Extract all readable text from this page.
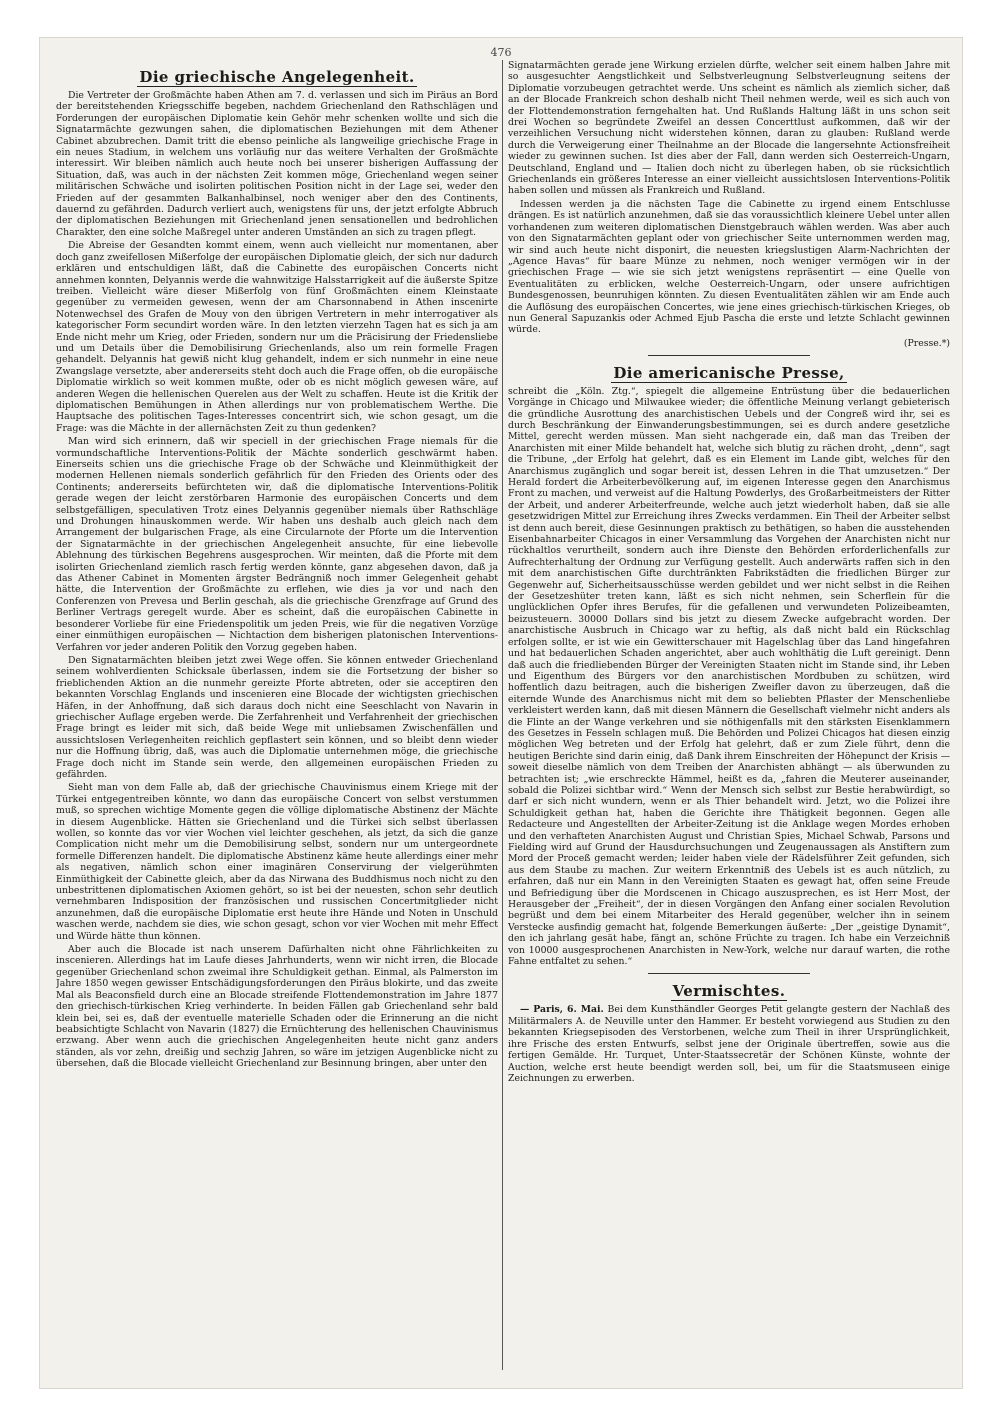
476
Die griechische Angelegenheit.

Die Vertreter der Großmächte haben Athen am 7. d. verlassen und sich im Piräus an Bord der bereitstehenden Kriegsschiffe begeben, nachdem Griechenland den Rathschlägen und Forderungen der europäischen Diplomatie kein Gehör mehr schenken wollte und sich die Signatarmächte gezwungen sahen, die diplomatischen Beziehungen mit dem Athener Cabinet abzubrechen. Damit tritt die ebenso peinliche als langweilige griechische Frage in ein neues Stadium, in welchem uns vorläufig nur das weitere Verhalten der Großmächte interessirt. Wir bleiben nämlich auch heute noch bei unserer bisherigen Auffassung der Situation, daß, was auch in der nächsten Zeit kommen möge, Griechenland wegen seiner militärischen Schwäche und isolirten politischen Position nicht in der Lage sei, weder den Frieden auf der gesammten Balkanhalbinsel, noch weniger aber den des Continents, dauernd zu gefährden. Dadurch verliert auch, wenigstens für uns, der jetzt erfolgte Abbruch der diplomatischen Beziehungen mit Griechenland jenen sensationellen und bedrohlichen Charakter, den eine solche Maßregel unter anderen Umständen an sich zu tragen pflegt.

Die Abreise der Gesandten kommt einem, wenn auch vielleicht nur momentanen, aber doch ganz zweifellosen Mißerfolge der europäischen Diplomatie gleich, der sich nur dadurch erklären und entschuldigen läßt, daß die Cabinette des europäischen Concerts nicht annehmen konnten, Delyannis werde die wahnwitzige Halsstarrigkeit auf die äußerste Spitze treiben. Vielleicht wäre dieser Mißerfolg von fünf Großmächten einem Kleinstaate gegenüber zu vermeiden gewesen, wenn der am Charsonnabend in Athen inscenirte Notenwechsel des Grafen de Mouy von den übrigen Vertretern in mehr interrogativer als kategorischer Form secundirt worden wäre. In den letzten vierzehn Tagen hat es sich ja am Ende nicht mehr um Krieg, oder Frieden, sondern nur um die Präcisirung der Friedensliebe und um Details über die Demobilisirung Griechenlands, also um rein formelle Fragen gehandelt. Delyannis hat gewiß nicht klug gehandelt, indem er sich nunmehr in eine neue Zwangslage versetzte, aber andererseits steht doch auch die Frage offen, ob die europäische Diplomatie wirklich so weit kommen mußte, oder ob es nicht möglich gewesen wäre, auf anderen Wegen die hellenischen Querelen aus der Welt zu schaffen. Heute ist die Kritik der diplomatischen Bemühungen in Athen allerdings nur von problematischem Werthe. Die Hauptsache des politischen Tages-Interesses concentrirt sich, wie schon gesagt, um die Frage: was die Mächte in der allernächsten Zeit zu thun gedenken?

Man wird sich erinnern, daß wir speciell in der griechischen Frage niemals für die vormundschaftliche Interventions-Politik der Mächte sonderlich geschwärmt haben. Einerseits schien uns die griechische Frage ob der Schwäche und Kleinmüthigkeit der modernen Hellenen niemals sonderlich gefährlich für den Frieden des Orients oder des Continents; andererseits befürchteten wir, daß die diplomatische Interventions-Politik gerade wegen der leicht zerstörbaren Harmonie des europäischen Concerts und dem selbstgefälligen, speculativen Trotz eines Delyannis gegenüber niemals über Rathschläge und Drohungen hinauskommen werde. Wir haben uns deshalb auch gleich nach dem Arrangement der bulgarischen Frage, als eine Circularnote der Pforte um die Intervention der Signatarmächte in der griechischen Angelegenheit ansuchte, für eine liebevolle Ablehnung des türkischen Begehrens ausgesprochen. Wir meinten, daß die Pforte mit dem isolirten Griechenland ziemlich rasch fertig werden könnte, ganz abgesehen davon, daß ja das Athener Cabinet in Momenten ärgster Bedrängniß noch immer Gelegenheit gehabt hätte, die Intervention der Großmächte zu erflehen, wie dies ja vor und nach den Conferenzen von Prevesa und Berlin geschah, als die griechische Grenzfrage auf Grund des Berliner Vertrags geregelt wurde. Aber es scheint, daß die europäischen Cabinette in besonderer Vorliebe für eine Friedenspolitik um jeden Preis, wie für die negativen Vorzüge einer einmüthigen europäischen — Nichtaction dem bisherigen platonischen Interventions-Verfahren vor jeder anderen Politik den Vorzug gegeben haben.

Den Signatarmächten bleiben jetzt zwei Wege offen. Sie können entweder Griechenland seinem wohlverdienten Schicksale überlassen, indem sie die Fortsetzung der bisher so frieblichenden Aktion an die nunmehr gereizte Pforte abtreten, oder sie acceptiren den bekannten Vorschlag Englands und inscenieren eine Blocade der wichtigsten griechischen Häfen, in der Anhoffnung, daß sich daraus doch nicht eine Seeschlacht von Navarin in griechischer Auflage ergeben werde. Die Zerfahrenheit und Verfahrenheit der griechischen Frage bringt es leider mit sich, daß beide Wege mit unliebsamen Zwischenfällen und aussichtslosen Verlegenheiten reichlich gepflastert sein können, und so bleibt denn wieder nur die Hoffnung übrig, daß, was auch die Diplomatie unternehmen möge, die griechische Frage doch nicht im Stande sein werde, den allgemeinen europäischen Frieden zu gefährden.

Sieht man von dem Falle ab, daß der griechische Chauvinismus einem Kriege mit der Türkei entgegentreiben könnte, wo dann das europäische Concert von selbst verstummen muß, so sprechen wichtige Momente gegen die völlige diplomatische Abstinenz der Mächte in diesem Augenblicke. Hätten sie Griechenland und die Türkei sich selbst überlassen wollen, so konnte das vor vier Wochen viel leichter geschehen, als jetzt, da sich die ganze Complication nicht mehr um die Demobilisirung selbst, sondern nur um untergeordnete formelle Differenzen handelt. Die diplomatische Abstinenz käme heute allerdings einer mehr als negativen, nämlich schon einer imaginären Conservirung der vielgerühmten Einmüthigkeit der Cabinette gleich, aber da das Nirwana des Buddhismus noch nicht zu den unbestrittenen diplomatischen Axiomen gehört, so ist bei der neuesten, schon sehr deutlich vernehmbaren Indisposition der französischen und russischen Concertmitglieder nicht anzunehmen, daß die europäische Diplomatie erst heute ihre Hände und Noten in Unschuld waschen werde, nachdem sie dies, wie schon gesagt, schon vor vier Wochen mit mehr Effect und Würde hätte thun können.

Aber auch die Blocade ist nach unserem Dafürhalten nicht ohne Fährlichkeiten zu inscenieren. Allerdings hat im Laufe dieses Jahrhunderts, wenn wir nicht irren, die Blocade gegenüber Griechenland schon zweimal ihre Schuldigkeit gethan. Einmal, als Palmerston im Jahre 1850 wegen gewisser Entschädigungsforderungen den Piräus blokirte, und das zweite Mal als Beaconsfield durch eine an Blocade streifende Flottendemonstration im Jahre 1877 den griechisch-türkischen Krieg verhinderte. In beiden Fällen gab Griechenland sehr bald klein bei, sei es, daß der eventuelle materielle Schaden oder die Erinnerung an die nicht beabsichtigte Schlacht von Navarin (1827) die Ernüchterung des hellenischen Chauvinismus erzwang. Aber wenn auch die griechischen Angelegenheiten heute nicht ganz anders ständen, als vor zehn, dreißig und sechzig Jahren, so wäre im jetzigen Augenblicke nicht zu übersehen, daß die Blocade vielleicht Griechenland zur Besinnung bringen, aber unter den

Signatarmächten gerade jene Wirkung erzielen dürfte, welcher seit einem halben Jahre mit so ausgesuchter Aengstlichkeit und Selbstverleugnung Selbstverleugnung seitens der Diplomatie vorzubeugen getrachtet werde. Uns scheint es nämlich als ziemlich sicher, daß an der Blocade Frankreich schon deshalb nicht Theil nehmen werde, weil es sich auch von der Flottendemonstration ferngehalten hat. Und Rußlands Haltung läßt in uns schon seit drei Wochen so begründete Zweifel an dessen Concerttlust aufkommen, daß wir der verzeihlichen Versuchung nicht widerstehen können, daran zu glauben: Rußland werde durch die Verweigerung einer Theilnahme an der Blocade die langersehnte Actionsfreiheit wieder zu gewinnen suchen. Ist dies aber der Fall, dann werden sich Oesterreich-Ungarn, Deutschland, England und — Italien doch nicht zu überlegen haben, ob sie rücksichtlich Griechenlands ein größeres Interesse an einer vielleicht aussichtslosen Interventions-Politik haben sollen und müssen als Frankreich und Rußland.

Indessen werden ja die nächsten Tage die Cabinette zu irgend einem Entschlusse drängen. Es ist natürlich anzunehmen, daß sie das voraussichtlich kleinere Uebel unter allen vorhandenen zum weiteren diplomatischen Dienstgebrauch wählen werden. Was aber auch von den Signatarmächten geplant oder von griechischer Seite unternommen werden mag, wir sind auch heute nicht disponirt, die neuesten kriegslustigen Alarm-Nachrichten der „Agence Havas“ für baare Münze zu nehmen, noch weniger vermögen wir in der griechischen Frage — wie sie sich jetzt wenigstens repräsentirt — eine Quelle von Eventualitäten zu erblicken, welche Oesterreich-Ungarn, oder unsere aufrichtigen Bundesgenossen, beunruhigen könnten. Zu diesen Eventualitäten zählen wir am Ende auch die Auflösung des europäischen Concertes, wie jene eines griechisch-türkischen Krieges, ob nun General Sapuzankis oder Achmed Ejub Pascha die erste und letzte Schlacht gewinnen würde.

(Presse.*)
Die americanische Presse,

schreibt die „Köln. Ztg.“, spiegelt die allgemeine Entrüstung über die bedauerlichen Vorgänge in Chicago und Milwaukee wieder; die öffentliche Meinung verlangt gebieterisch die gründliche Ausrottung des anarchistischen Uebels und der Congreß wird ihr, sei es durch Beschränkung der Einwanderungsbestimmungen, sei es durch andere gesetzliche Mittel, gerecht werden müssen. Man sieht nachgerade ein, daß man das Treiben der Anarchisten mit einer Milde behandelt hat, welche sich blutig zu rächen droht, „denn“, sagt die Tribune, „der Erfolg hat gelehrt, daß es ein Element im Lande gibt, welches für den Anarchismus zugänglich und sogar bereit ist, dessen Lehren in die That umzusetzen.“ Der Herald fordert die Arbeiterbevölkerung auf, im eigenen Interesse gegen den Anarchismus Front zu machen, und verweist auf die Haltung Powderlys, des Großarbeitmeisters der Ritter der Arbeit, und anderer Arbeiterfreunde, welche auch jetzt wiederholt haben, daß sie alle gesetzwidrigen Mittel zur Erreichung ihres Zwecks verdammen. Ein Theil der Arbeiter selbst ist denn auch bereit, diese Gesinnungen praktisch zu bethätigen, so haben die ausstehenden Eisenbahnarbeiter Chicagos in einer Versammlung das Vorgehen der Anarchisten nicht nur rückhaltlos verurtheilt, sondern auch ihre Dienste den Behörden erforderlichenfalls zur Aufrechterhaltung der Ordnung zur Verfügung gestellt. Auch anderwärts raffen sich in den mit dem anarchistischen Gifte durchtränkten Fabrikstädten die friedlichen Bürger zur Gegenwehr auf, Sicherheitsausschüsse werden gebildet und wer nicht selbst in die Reihen der Gesetzeshüter treten kann, läßt es sich nicht nehmen, sein Scherflein für die unglücklichen Opfer ihres Berufes, für die gefallenen und verwundeten Polizeibeamten, beizusteuern. 30000 Dollars sind bis jetzt zu diesem Zwecke aufgebracht worden. Der anarchistische Ausbruch in Chicago war zu heftig, als daß nicht bald ein Rückschlag erfolgen sollte, er ist wie ein Gewitterschauer mit Hagelschlag über das Land hingefahren und hat bedauerlichen Schaden angerichtet, aber auch wohlthätig die Luft gereinigt. Denn daß auch die friedliebenden Bürger der Vereinigten Staaten nicht im Stande sind, ihr Leben und Eigenthum des Bürgers vor den anarchistischen Mordbuben zu schützen, wird hoffentlich dazu beitragen, auch die bisherigen Zweifler davon zu überzeugen, daß die eiternde Wunde des Anarchismus nicht mit dem so beliebten Pflaster der Menschenliebe verkleistert werden kann, daß mit diesen Männern die Gesellschaft vielmehr nicht anders als die Flinte an der Wange verkehren und sie nöthigenfalls mit den stärksten Eisenklammern des Gesetzes in Fesseln schlagen muß. Die Behörden und Polizei Chicagos hat diesen einzig möglichen Weg betreten und der Erfolg hat gelehrt, daß er zum Ziele führt, denn die heutigen Berichte sind darin einig, daß Dank ihrem Einschreiten der Höhepunct der Krisis — soweit dieselbe nämlich von dem Treiben der Anarchisten abhängt — als überwunden zu betrachten ist; „wie erschreckte Hämmel, heißt es da, „fahren die Meuterer auseinander, sobald die Polizei sichtbar wird.“ Wenn der Mensch sich selbst zur Bestie herabwürdigt, so darf er sich nicht wundern, wenn er als Thier behandelt wird. Jetzt, wo die Polizei ihre Schuldigkeit gethan hat, haben die Gerichte ihre Thätigkeit begonnen. Gegen alle Redacteure und Angestellten der Arbeiter-Zeitung ist die Anklage wegen Mordes erhoben und den verhafteten Anarchisten August und Christian Spies, Michael Schwab, Parsons und Fielding wird auf Grund der Hausdurchsuchungen und Zeugenaussagen als Anstiftern zum Mord der Proceß gemacht werden; leider haben viele der Rädelsführer Zeit gefunden, sich aus dem Staube zu machen. Zur weitern Erkenntniß des Uebels ist es auch nützlich, zu erfahren, daß nur ein Mann in den Vereinigten Staaten es gewagt hat, offen seine Freude und Befriedigung über die Mordscenen in Chicago auszusprechen, es ist Herr Most, der Herausgeber der „Freiheit“, der in diesen Vorgängen den Anfang einer socialen Revolution begrüßt und dem bei einem Mitarbeiter des Herald gegenüber, welcher ihn in seinem Verstecke ausfindig gemacht hat, folgende Bemerkungen äußerte: „Der „geistige Dynamit“, den ich jahrlang gesät habe, fängt an, schöne Früchte zu tragen. Ich habe ein Verzeichniß von 10000 ausgesprochenen Anarchisten in New-York, welche nur darauf warten, die rothe Fahne entfaltet zu sehen.“

Vermischtes.

— Paris, 6. Mai. Bei dem Kunsthändler Georges Petit gelangte gestern der Nachlaß des Militärmalers A. de Neuville unter den Hammer. Er besteht vorwiegend aus Studien zu den bekannten Kriegsepisoden des Verstorbenen, welche zum Theil in ihrer Ursprünglichkeit, ihre Frische des ersten Entwurfs, selbst jene der Originale übertreffen, sowie aus die fertigen Gemälde. Hr. Turquet, Unter-Staatssecretär der Schönen Künste, wohnte der Auction, welche erst heute beendigt werden soll, bei, um für die Staatsmuseen einige Zeichnungen zu erwerben.
